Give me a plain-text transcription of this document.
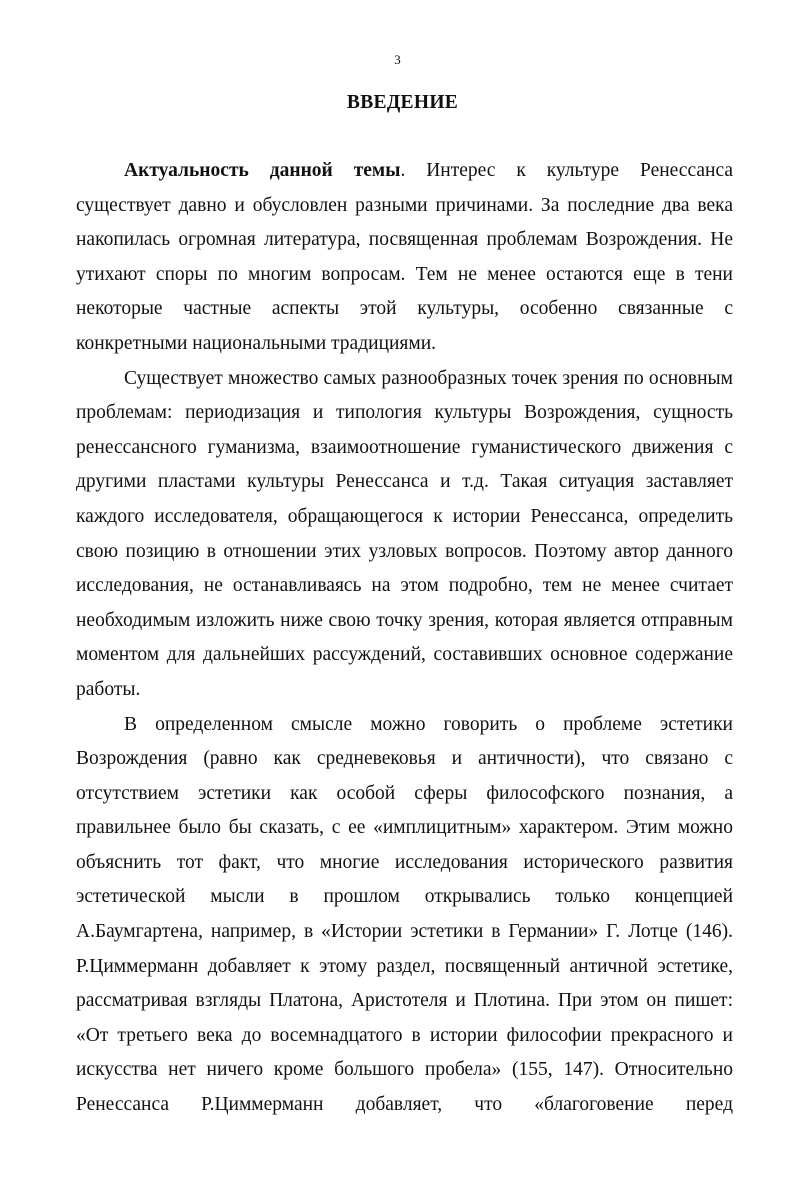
3
ВВЕДЕНИЕ

Актуальность данной темы. Интерес к культуре Ренессанса существует давно и обусловлен разными причинами. За последние два века накопилась огромная литература, посвященная проблемам Возрождения. Не утихают споры по многим вопросам. Тем не менее остаются еще в тени некоторые частные аспекты этой культуры, особенно связанные с конкретными национальными традициями.

Существует множество самых разнообразных точек зрения по основным проблемам: периодизация и типология культуры Возрождения, сущность ренессансного гуманизма, взаимоотношение гуманистического движения с другими пластами культуры Ренессанса и т.д. Такая ситуация заставляет каждого исследователя, обращающегося к истории Ренессанса, определить свою позицию в отношении этих узловых вопросов. Поэтому автор данного исследования, не останавливаясь на этом подробно, тем не менее считает необходимым изложить ниже свою точку зрения, которая является отправным моментом для дальнейших рассуждений, составивших основное содержание работы.

В определенном смысле можно говорить о проблеме эстетики Возрождения (равно как средневековья и античности), что связано с отсутствием эстетики как особой сферы философского познания, а правильнее было бы сказать, с ее «имплицитным» характером. Этим можно объяснить тот факт, что многие исследования исторического развития эстетической мысли в прошлом открывались только концепцией А.Баумгартена, например, в «Истории эстетики в Германии» Г. Лотце (146). Р.Циммерманн добавляет к этому раздел, посвященный античной эстетике, рассматривая взгляды Платона, Аристотеля и Плотина. При этом он пишет: «От третьего века до восемнадцатого в истории философии прекрасного и искусства нет ничего кроме большого пробела» (155, 147). Относительно Ренессанса Р.Циммерманн добавляет, что «благоговение перед
